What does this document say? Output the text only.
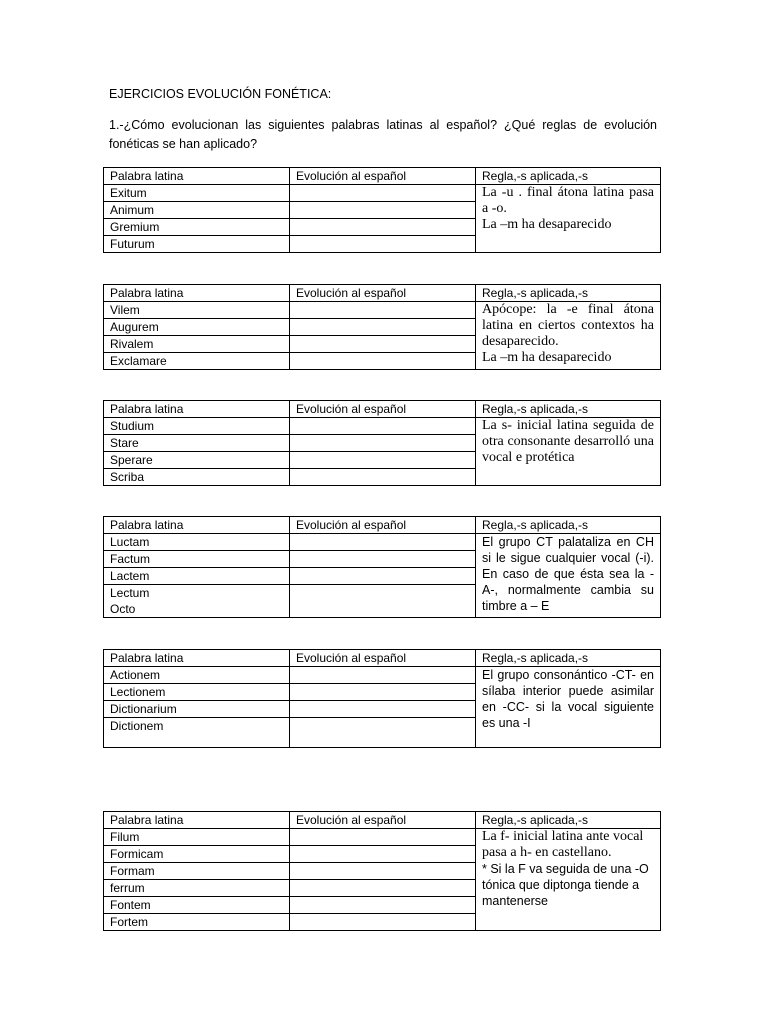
EJERCICIOS EVOLUCIÓN FONÉTICA:
1.-¿Cómo evolucionan las siguientes palabras latinas al español? ¿Qué reglas de evolución fonéticas se han aplicado?
Palabra latina	Evolución al español	Regla,-s aplicada,-s
Exitum		La -u . final átona latina pasa a -o.

La –m ha desaparecido

Animum		
Gremium		
Futurum		
Palabra latina	Evolución al español	Regla,-s aplicada,-s
Vilem		Apócope: la -e final átona latina en ciertos contextos ha desaparecido.

La –m ha desaparecido

Augurem		
Rivalem		
Exclamare		
Palabra latina	Evolución al español	Regla,-s aplicada,-s
Studium		La s- inicial latina seguida de otra consonante desarrolló una vocal e protética

Stare		
Sperare		
Scriba		
Palabra latina	Evolución al español	Regla,-s aplicada,-s
Luctam		El grupo CT palataliza en CH si le sigue cualquier vocal (-i). En caso de que ésta sea la -A-, normalmente cambia su timbre a – E

Factum		
Lactem		

Lectum
Octo		

Palabra latina	Evolución al español	Regla,-s aplicada,-s
Actionem		El grupo consonántico -CT- en sílaba interior puede asimilar en -CC- si la vocal siguiente es una -I

Lectionem		
Dictionarium		
Dictionem		
Palabra latina	Evolución al español	Regla,-s aplicada,-s
Filum		La f- inicial latina ante vocal pasa a h- en castellano.

* Si la F va seguida de una -O tónica que diptonga tiende a mantenerse

Formicam		
Formam		
ferrum		
Fontem		
Fortem		
